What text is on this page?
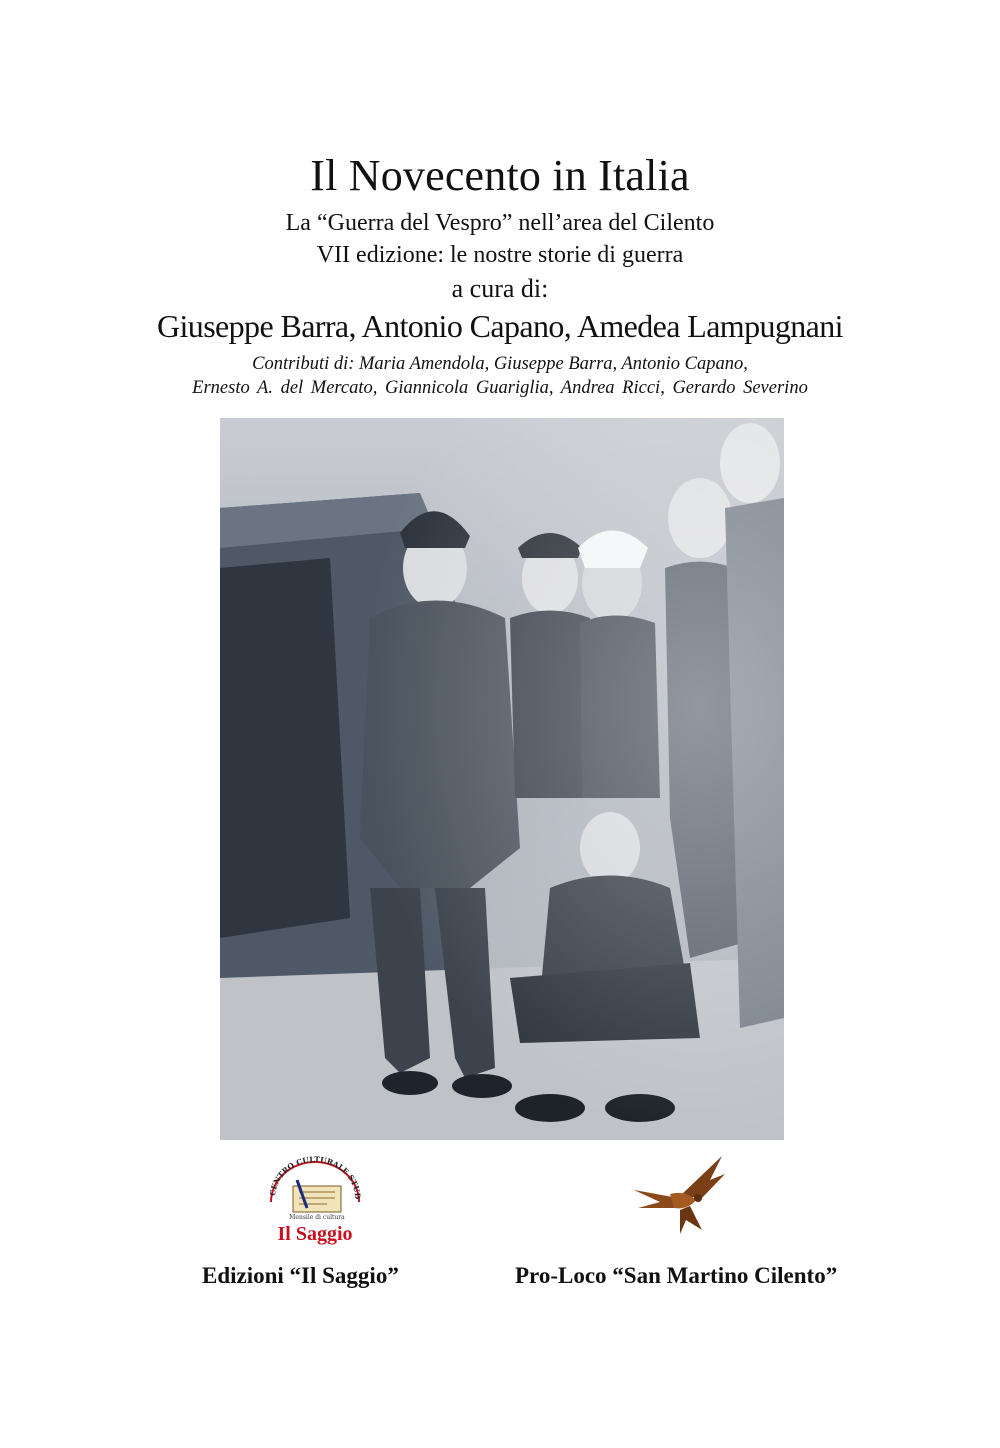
Il Novecento in Italia
La “Guerra del Vespro” nell’area del Cilento
VII edizione: le nostre storie di guerra
a cura di:
Giuseppe Barra, Antonio Capano, Amedea Lampugnani
Contributi di: Maria Amendola, Giuseppe Barra, Antonio Capano,
Ernesto A. del Mercato, Giannicola Guariglia, Andrea Ricci, Gerardo Severino
CENTRO CULTURALE STUD
Mensile di cultura
Il Saggio
Edizioni “Il Saggio”	Pro-Loco “San Martino Cilento”
